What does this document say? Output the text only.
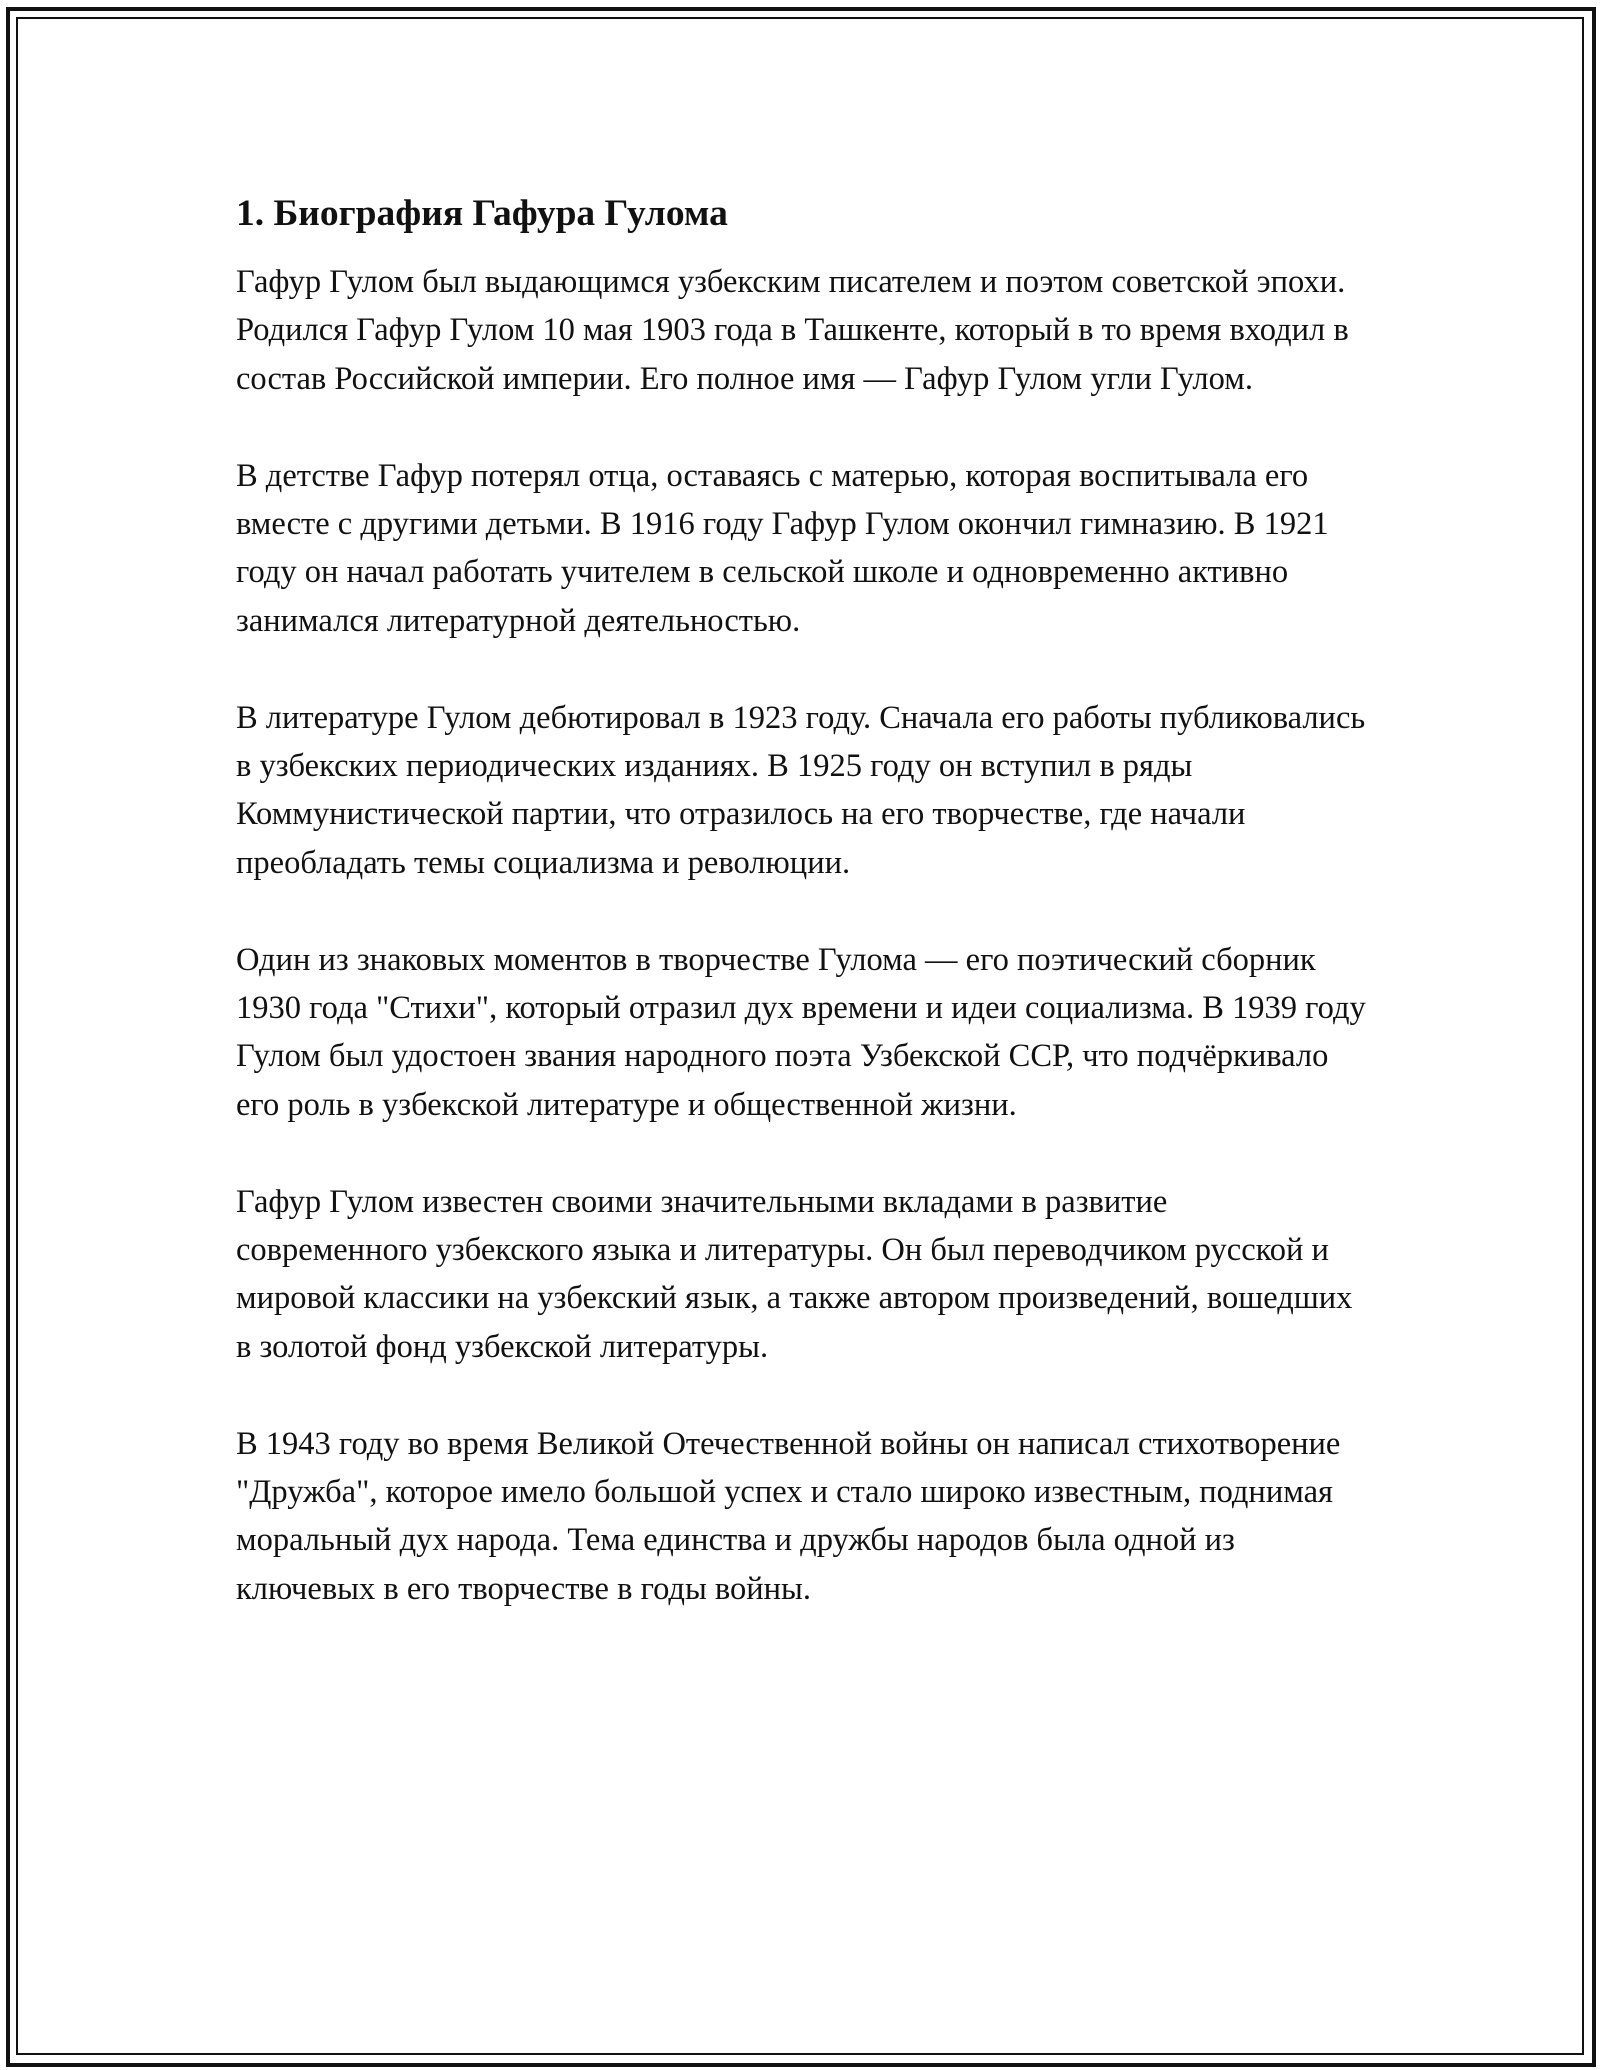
1. Биография Гафура Гулома

Гафур Гулом был выдающимся узбекским писателем и поэтом советской эпохи. Родился Гафур Гулом 10 мая 1903 года в Ташкенте, который в то время входил в состав Российской империи. Его полное имя — Гафур Гулом угли Гулом.

В детстве Гафур потерял отца, оставаясь с матерью, которая воспитывала его вместе с другими детьми. В 1916 году Гафур Гулом окончил гимназию. В 1921 году он начал работать учителем в сельской школе и одновременно активно занимался литературной деятельностью.

В литературе Гулом дебютировал в 1923 году. Сначала его работы публиковались в узбекских периодических изданиях. В 1925 году он вступил в ряды Коммунистической партии, что отразилось на его творчестве, где начали преобладать темы социализма и революции.

Один из знаковых моментов в творчестве Гулома — его поэтический сборник 1930 года "Стихи", который отразил дух времени и идеи социализма. В 1939 году Гулом был удостоен звания народного поэта Узбекской ССР, что подчёркивало его роль в узбекской литературе и общественной жизни.

Гафур Гулом известен своими значительными вкладами в развитие современного узбекского языка и литературы. Он был переводчиком русской и мировой классики на узбекский язык, а также автором произведений, вошедших в золотой фонд узбекской литературы.

В 1943 году во время Великой Отечественной войны он написал стихотворение "Дружба", которое имело большой успех и стало широко известным, поднимая моральный дух народа. Тема единства и дружбы народов была одной из ключевых в его творчестве в годы войны.
